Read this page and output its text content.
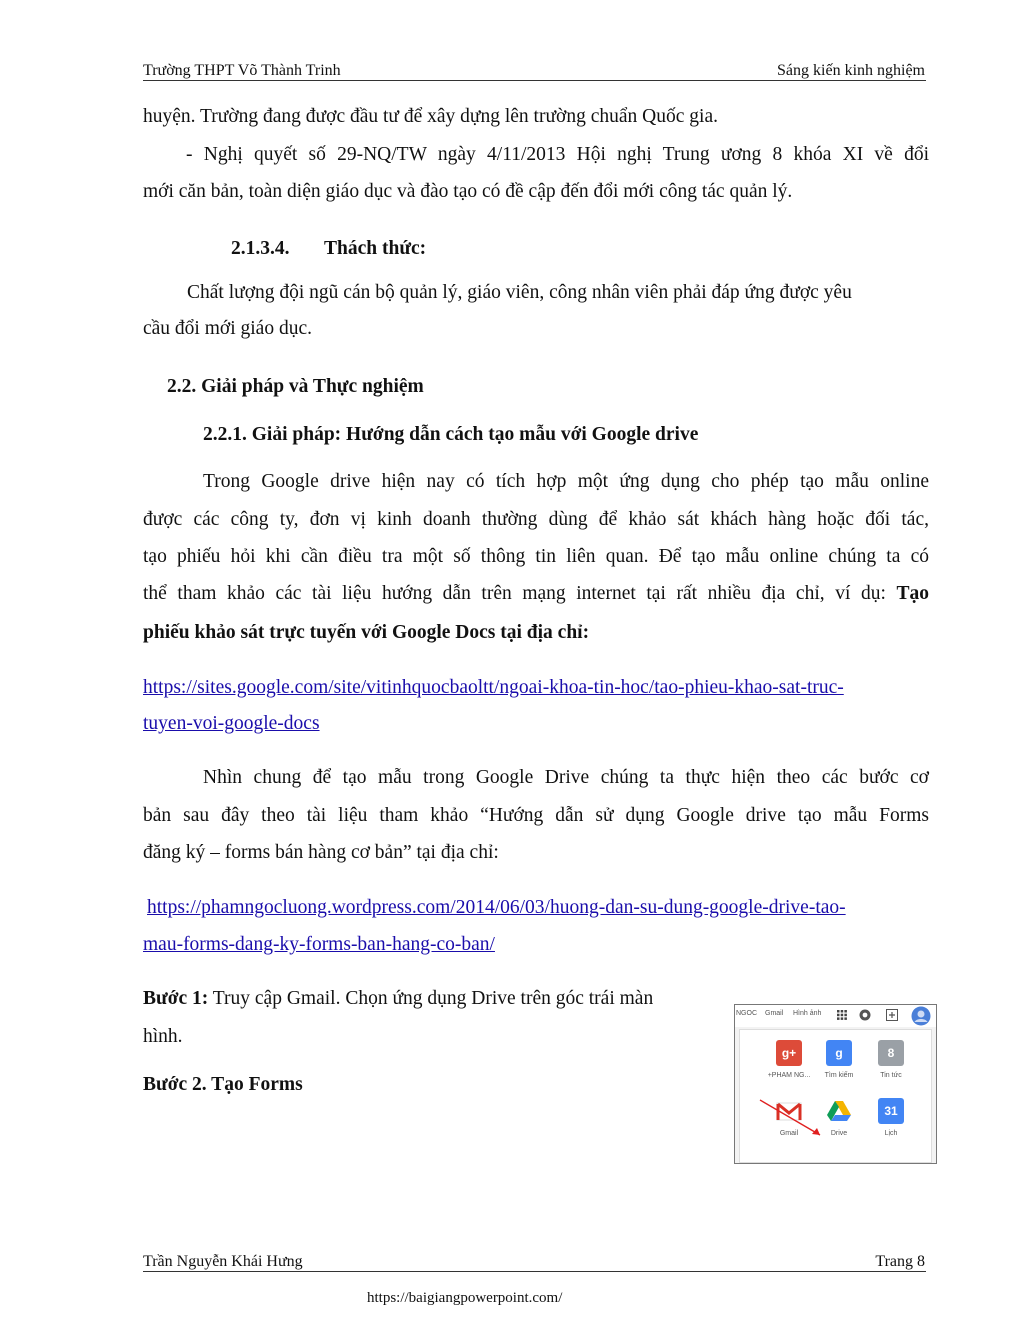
Trường THPT Võ Thành Trinh	Sáng kiến kinh nghiệm
huyện. Trường đang được đầu tư để xây dựng lên trường chuẩn Quốc gia.
- Nghị quyết số 29-NQ/TW ngày 4/11/2013 Hội nghị Trung ương 8 khóa XI về đổi
mới căn bản, toàn diện giáo dục và đào tạo có đề cập đến đổi mới công tác quản lý.
2.1.3.4. Thách thức:
Chất lượng đội ngũ cán bộ quản lý, giáo viên, công nhân viên phải đáp ứng được yêu
cầu đổi mới giáo dục.
2.2. Giải pháp và Thực nghiệm
2.2.1. Giải pháp: Hướng dẫn cách tạo mẫu với Google drive
Trong Google drive hiện nay có tích hợp một ứng dụng cho phép tạo mẫu online
được các công ty, đơn vị kinh doanh thường dùng để khảo sát khách hàng hoặc đối tác,
tạo phiếu hỏi khi cần điều tra một số thông tin liên quan. Để tạo mẫu online chúng ta có
thể tham khảo các tài liệu hướng dẫn trên mạng internet tại rất nhiều địa chỉ, ví dụ: Tạo
phiếu khảo sát trực tuyến với Google Docs tại địa chỉ:
https://sites.google.com/site/vitinhquocbaoltt/ngoai-khoa-tin-hoc/tao-phieu-khao-sat-truc-
tuyen-voi-google-docs
Nhìn chung để tạo mẫu trong Google Drive chúng ta thực hiện theo các bước cơ
bản sau đây theo tài liệu tham khảo “Hướng dẫn sử dụng Google drive tạo mẫu Forms
đăng ký – forms bán hàng cơ bản” tại địa chỉ:
https://phamngocluong.wordpress.com/2014/06/03/huong-dan-su-dung-google-drive-tao-
mau-forms-dang-ky-forms-ban-hang-co-ban/
Bước 1: Truy cập Gmail. Chọn ứng dụng Drive trên góc trái màn
hình.
Bước 2. Tạo Forms
NGOC Gmail Hình ảnh
g+
+PHAM NG...
g
Tìm kiếm
8
Tin tức
Gmail	Drive
31
Lịch
Trần Nguyễn Khái Hưng	Trang 8
https://baigiangpowerpoint.com/
